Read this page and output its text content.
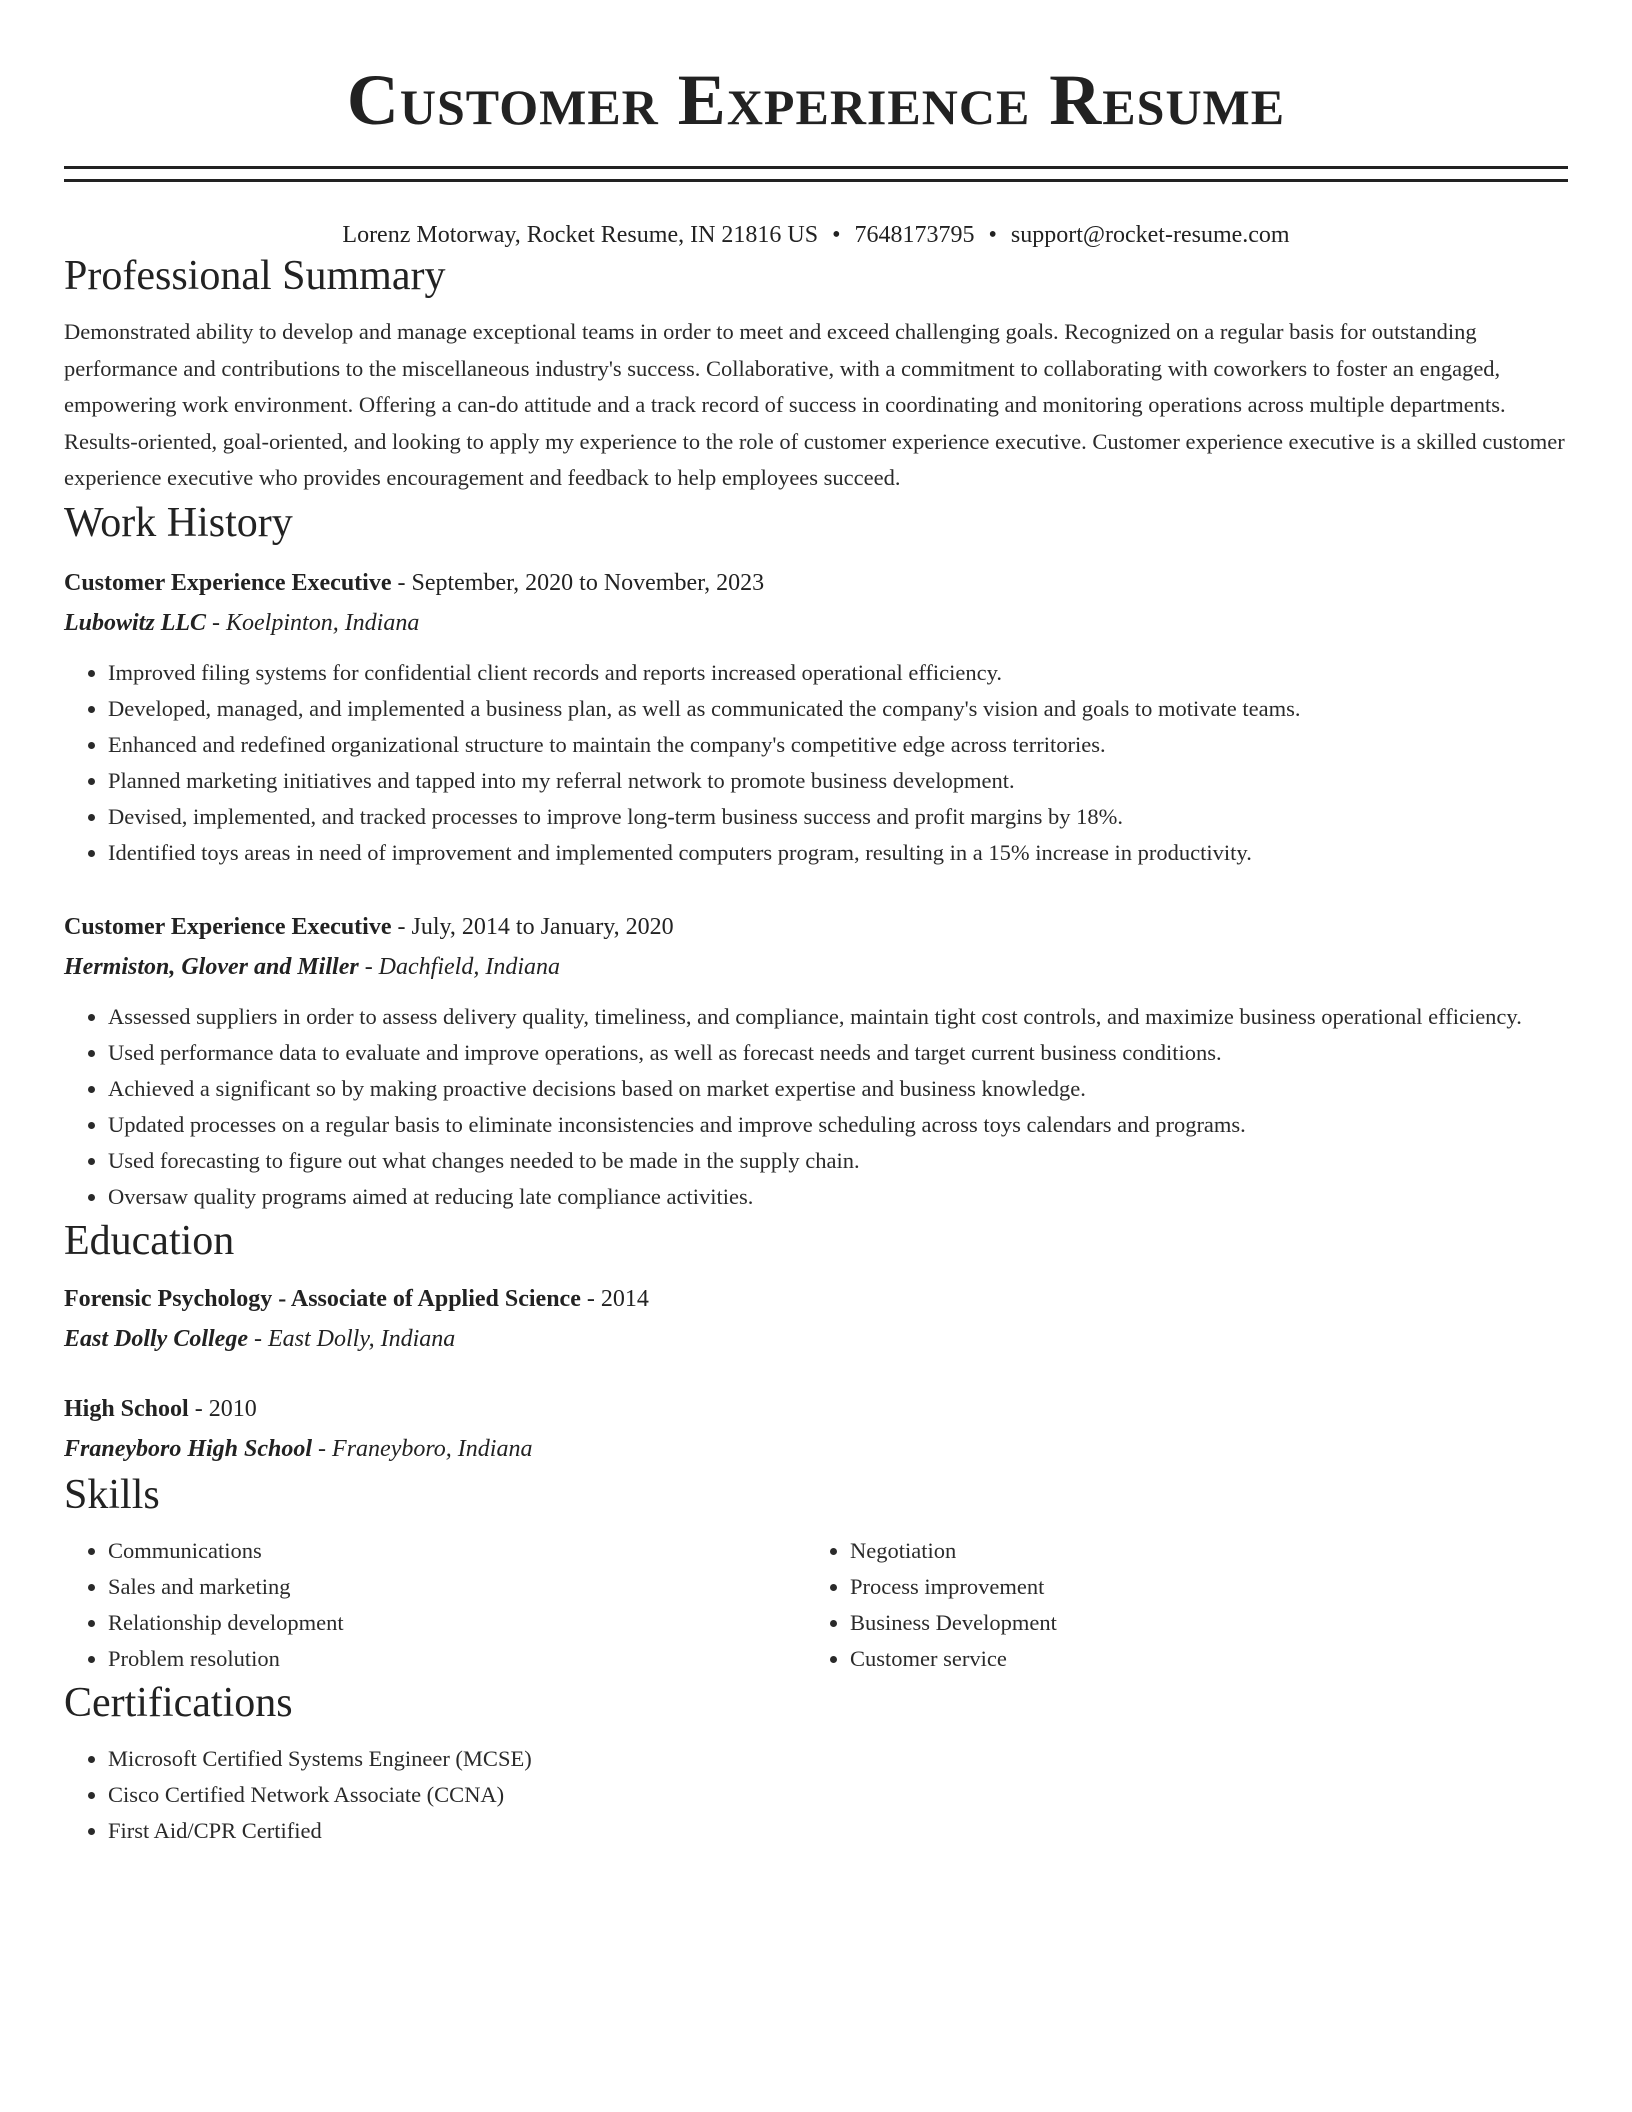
Customer Experience Resume
Lorenz Motorway, Rocket Resume, IN 21816 US • 7648173795 • support@rocket-resume.com
Professional Summary
Demonstrated ability to develop and manage exceptional teams in order to meet and exceed challenging goals. Recognized on a regular basis for outstanding performance and contributions to the miscellaneous industry's success. Collaborative, with a commitment to collaborating with coworkers to foster an engaged, empowering work environment. Offering a can-do attitude and a track record of success in coordinating and monitoring operations across multiple departments. Results-oriented, goal-oriented, and looking to apply my experience to the role of customer experience executive. Customer experience executive is a skilled customer experience executive who provides encouragement and feedback to help employees succeed.
Work History
Customer Experience Executive - September, 2020 to November, 2023
Lubowitz LLC - Koelpinton, Indiana
• Improved filing systems for confidential client records and reports increased operational efficiency.
• Developed, managed, and implemented a business plan, as well as communicated the company's vision and goals to motivate teams.
• Enhanced and redefined organizational structure to maintain the company's competitive edge across territories.
• Planned marketing initiatives and tapped into my referral network to promote business development.
• Devised, implemented, and tracked processes to improve long-term business success and profit margins by 18%.
• Identified toys areas in need of improvement and implemented computers program, resulting in a 15% increase in productivity.
Customer Experience Executive - July, 2014 to January, 2020
Hermiston, Glover and Miller - Dachfield, Indiana
• Assessed suppliers in order to assess delivery quality, timeliness, and compliance, maintain tight cost controls, and maximize business operational efficiency.
• Used performance data to evaluate and improve operations, as well as forecast needs and target current business conditions.
• Achieved a significant so by making proactive decisions based on market expertise and business knowledge.
• Updated processes on a regular basis to eliminate inconsistencies and improve scheduling across toys calendars and programs.
• Used forecasting to figure out what changes needed to be made in the supply chain.
• Oversaw quality programs aimed at reducing late compliance activities.
Education
Forensic Psychology - Associate of Applied Science - 2014
East Dolly College - East Dolly, Indiana
High School - 2010
Franeyboro High School - Franeyboro, Indiana
Skills
• Communications
• Sales and marketing
• Relationship development
• Problem resolution
• Negotiation
• Process improvement
• Business Development
• Customer service
Certifications
• Microsoft Certified Systems Engineer (MCSE)
• Cisco Certified Network Associate (CCNA)
• First Aid/CPR Certified
